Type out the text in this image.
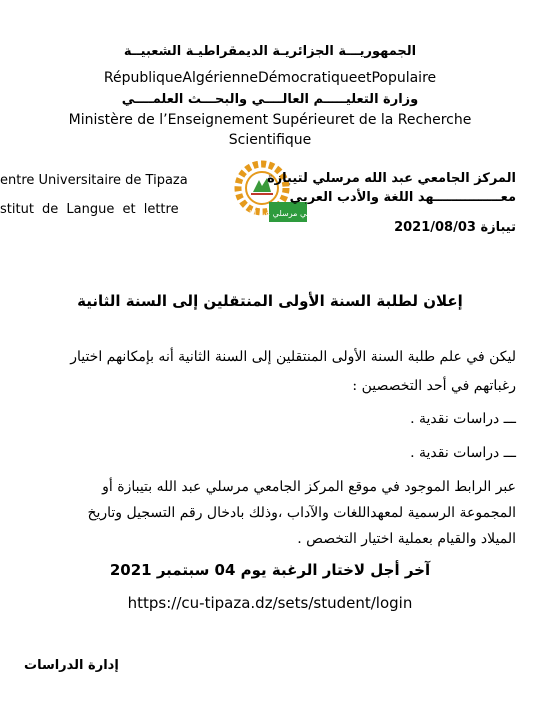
الجمهوريـــة الجزائريـة الديمقراطيـة الشعبيــة
RépubliqueAlgérienneDémocratiqueetPopulaire
وزارة التعليـــــم العالــــي والبحـــث العلمــــي
Ministère de l’Enseignement Supérieuret de la Recherche
Scientifique
entre Universitaire de Tipaza
stitut de Langue et lettre	المركز الجامعي مرسلي عبد الله تيبازة
المركز الجامعي عبد الله مرسلي لتيبازة
معـــــــــــــــهد اللغة والأدب العربي
تيبازة 2021/08/03
إعلان لطلبة السنة الأولى المنتقلين إلى السنة الثانية
ليكن في علم طلبة السنة الأولى المنتقلين إلى السنة الثانية أنه بإمكانهم اختيار
رغباتهم في أحد التخصصين :
ـــ دراسات نقدية .
ـــ دراسات نقدية .
عبر الرابط الموجود في موقع المركز الجامعي مرسلي عبد الله بتيبازة أو
المجموعة الرسمية لمعهداللغات والآداب ،وذلك بادخال رقم التسجيل وتاريخ
الميلاد والقيام بعملية اختيار التخصص .
آخر أجل لاختار الرغبة يوم 04 سبتمبر 2021
https://cu-tipaza.dz/sets/student/login
إدارة الدراسات
